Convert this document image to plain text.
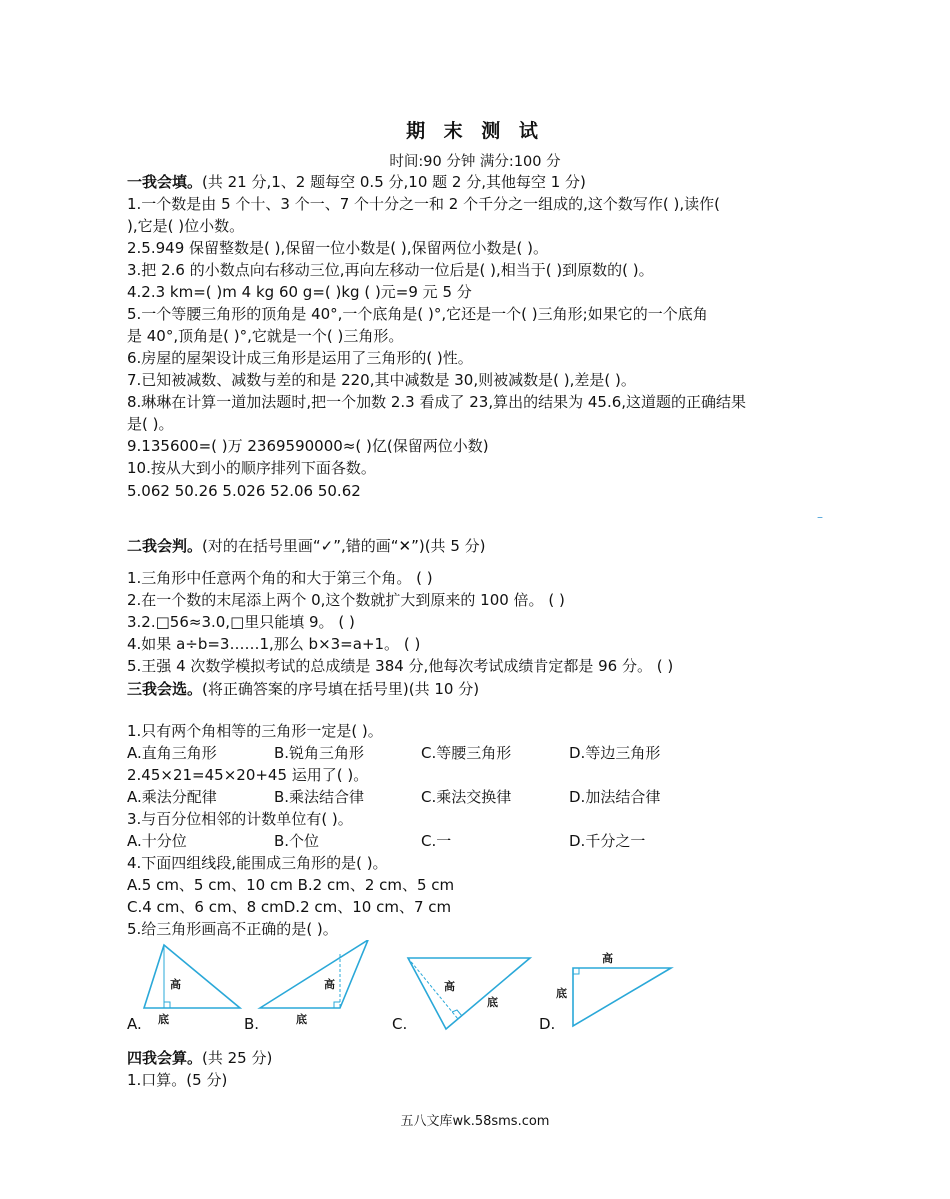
期 末 测 试
时间:90 分钟 满分:100 分
一我会填。(共 21 分,1、2 题每空 0.5 分,10 题 2 分,其他每空 1 分)
1.一个数是由 5 个十、3 个一、7 个十分之一和 2 个千分之一组成的,这个数写作( ),读作(
),它是( )位小数。
2.5.949 保留整数是( ),保留一位小数是( ),保留两位小数是( )。
3.把 2.6 的小数点向右移动三位,再向左移动一位后是( ),相当于( )到原数的( )。
4.2.3 km=( )m 4 kg 60 g=( )kg ( )元=9 元 5 分
5.一个等腰三角形的顶角是 40°,一个底角是( )°,它还是一个( )三角形;如果它的一个底角
是 40°,顶角是( )°,它就是一个( )三角形。
6.房屋的屋架设计成三角形是运用了三角形的( )性。
7.已知被减数、减数与差的和是 220,其中减数是 30,则被减数是( ),差是( )。
8.琳琳在计算一道加法题时,把一个加数 2.3 看成了 23,算出的结果为 45.6,这道题的正确结果
是( )。
9.135600=( )万 2369590000≈( )亿(保留两位小数)
10.按从大到小的顺序排列下面各数。
5.062 50.26 5.026 52.06 50.62
–
二我会判。(对的在括号里画“✓”,错的画“✕”)(共 5 分)
1.三角形中任意两个角的和大于第三个角。 ( )
2.在一个数的末尾添上两个 0,这个数就扩大到原来的 100 倍。 ( )
3.2.□56≈3.0,□里只能填 9。 ( )
4.如果 a÷b=3……1,那么 b×3=a+1。 ( )
5.王强 4 次数学模拟考试的总成绩是 384 分,他每次考试成绩肯定都是 96 分。 ( )
三我会选。(将正确答案的序号填在括号里)(共 10 分)
1.只有两个角相等的三角形一定是( )。
A.直角三角形	B.锐角三角形	C.等腰三角形	D.等边三角形
2.45×21=45×20+45 运用了( )。
A.乘法分配律	B.乘法结合律	C.乘法交换律	D.加法结合律
3.与百分位相邻的计数单位有( )。
A.十分位	B.个位	C.一	D.千分之一
4.下面四组线段,能围成三角形的是( )。
A.5 cm、5 cm、10 cm B.2 cm、2 cm、5 cm
C.4 cm、6 cm、8 cmD.2 cm、10 cm、7 cm
5.给三角形画高不正确的是( )。
高
底
高
底
高
底
高
底
A.	B.	C.	D.
四我会算。(共 25 分)
1.口算。(5 分)
五八文库wk.58sms.com
